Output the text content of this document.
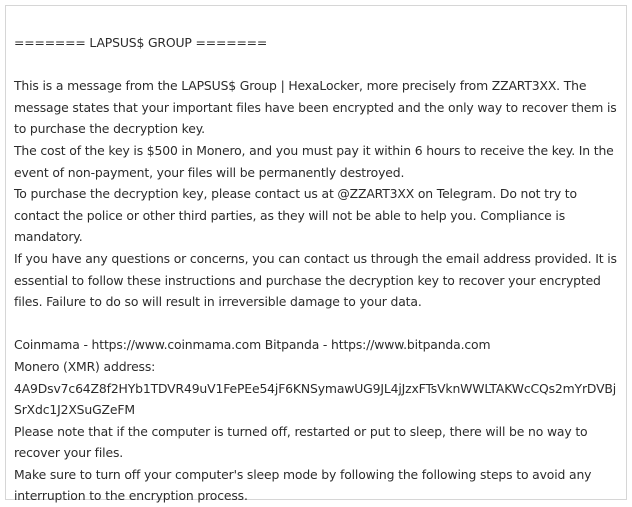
======= LAPSUS$ GROUP =======

This is a message from the LAPSUS$ Group | HexaLocker, more precisely from ZZART3XX. The message states that your important files have been encrypted and the only way to recover them is to purchase the decryption key.

The cost of the key is $500 in Monero, and you must pay it within 6 hours to receive the key. In the event of non-payment, your files will be permanently destroyed.

To purchase the decryption key, please contact us at @ZZART3XX on Telegram. Do not try to contact the police or other third parties, as they will not be able to help you. Compliance is mandatory.

If you have any questions or concerns, you can contact us through the email address provided. It is essential to follow these instructions and purchase the decryption key to recover your encrypted files. Failure to do so will result in irreversible damage to your data.

Coinmama - https://www.coinmama.com Bitpanda - https://www.bitpanda.com

Monero (XMR) address:

4A9Dsv7c64Z8f2HYb1TDVR49uV1FePEe54jF6KNSymawUG9JL4jJzxFTsVknWWLTAKWcCQs2mYrDVBjSrXdc1J2XSuGZeFM

Please note that if the computer is turned off, restarted or put to sleep, there will be no way to recover your files.

Make sure to turn off your computer's sleep mode by following the following steps to avoid any interruption to the encryption process.
